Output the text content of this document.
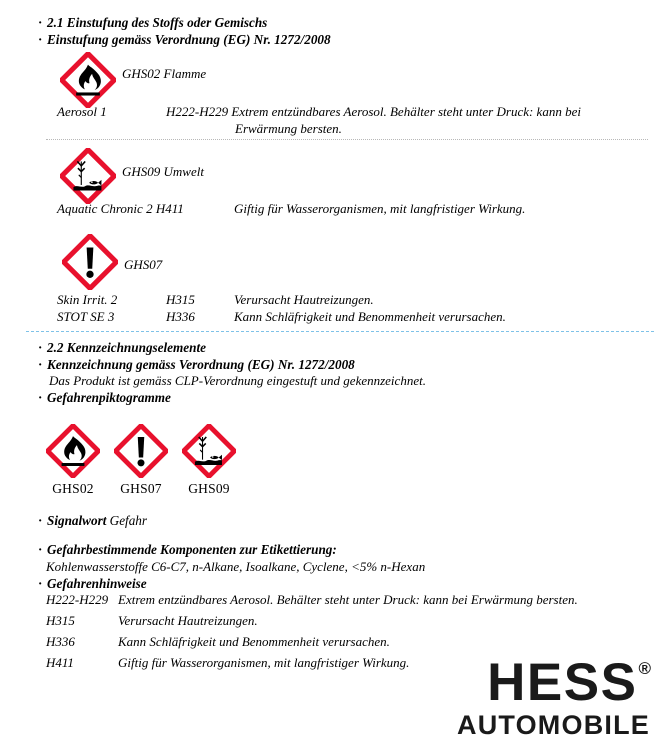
· 2.1 Einstufung des Stoffs oder Gemischs
· Einstufung gemäss Verordnung (EG) Nr. 1272/2008
GHS02 Flamme
Aerosol 1	H222-H229 Extrem entzündbares Aerosol. Behälter steht unter Druck: kann bei
Erwärmung bersten.
GHS09 Umwelt
Aquatic Chronic 2 H411	Giftig für Wasserorganismen, mit langfristiger Wirkung.
GHS07
Skin Irrit. 2	H315	Verursacht Hautreizungen.
STOT SE 3	H336	Kann Schläfrigkeit und Benommenheit verursachen.
· 2.2 Kennzeichnungselemente
· Kennzeichnung gemäss Verordnung (EG) Nr. 1272/2008
Das Produkt ist gemäss CLP-Verordnung eingestuft und gekennzeichnet.
· Gefahrenpiktogramme
GHS02 GHS07 GHS09
· Signalwort Gefahr
· Gefahrbestimmende Komponenten zur Etikettierung:
Kohlenwasserstoffe C6-C7, n-Alkane, Isoalkane, Cyclene, <5% n-Hexan
· Gefahrenhinweise
H222-H229 Extrem entzündbares Aerosol. Behälter steht unter Druck: kann bei Erwärmung bersten.
H315	Verursacht Hautreizungen.
H336	Kann Schläfrigkeit und Benommenheit verursachen.
H411	Giftig für Wasserorganismen, mit langfristiger Wirkung.	HESS®
AUTOMOBILE
